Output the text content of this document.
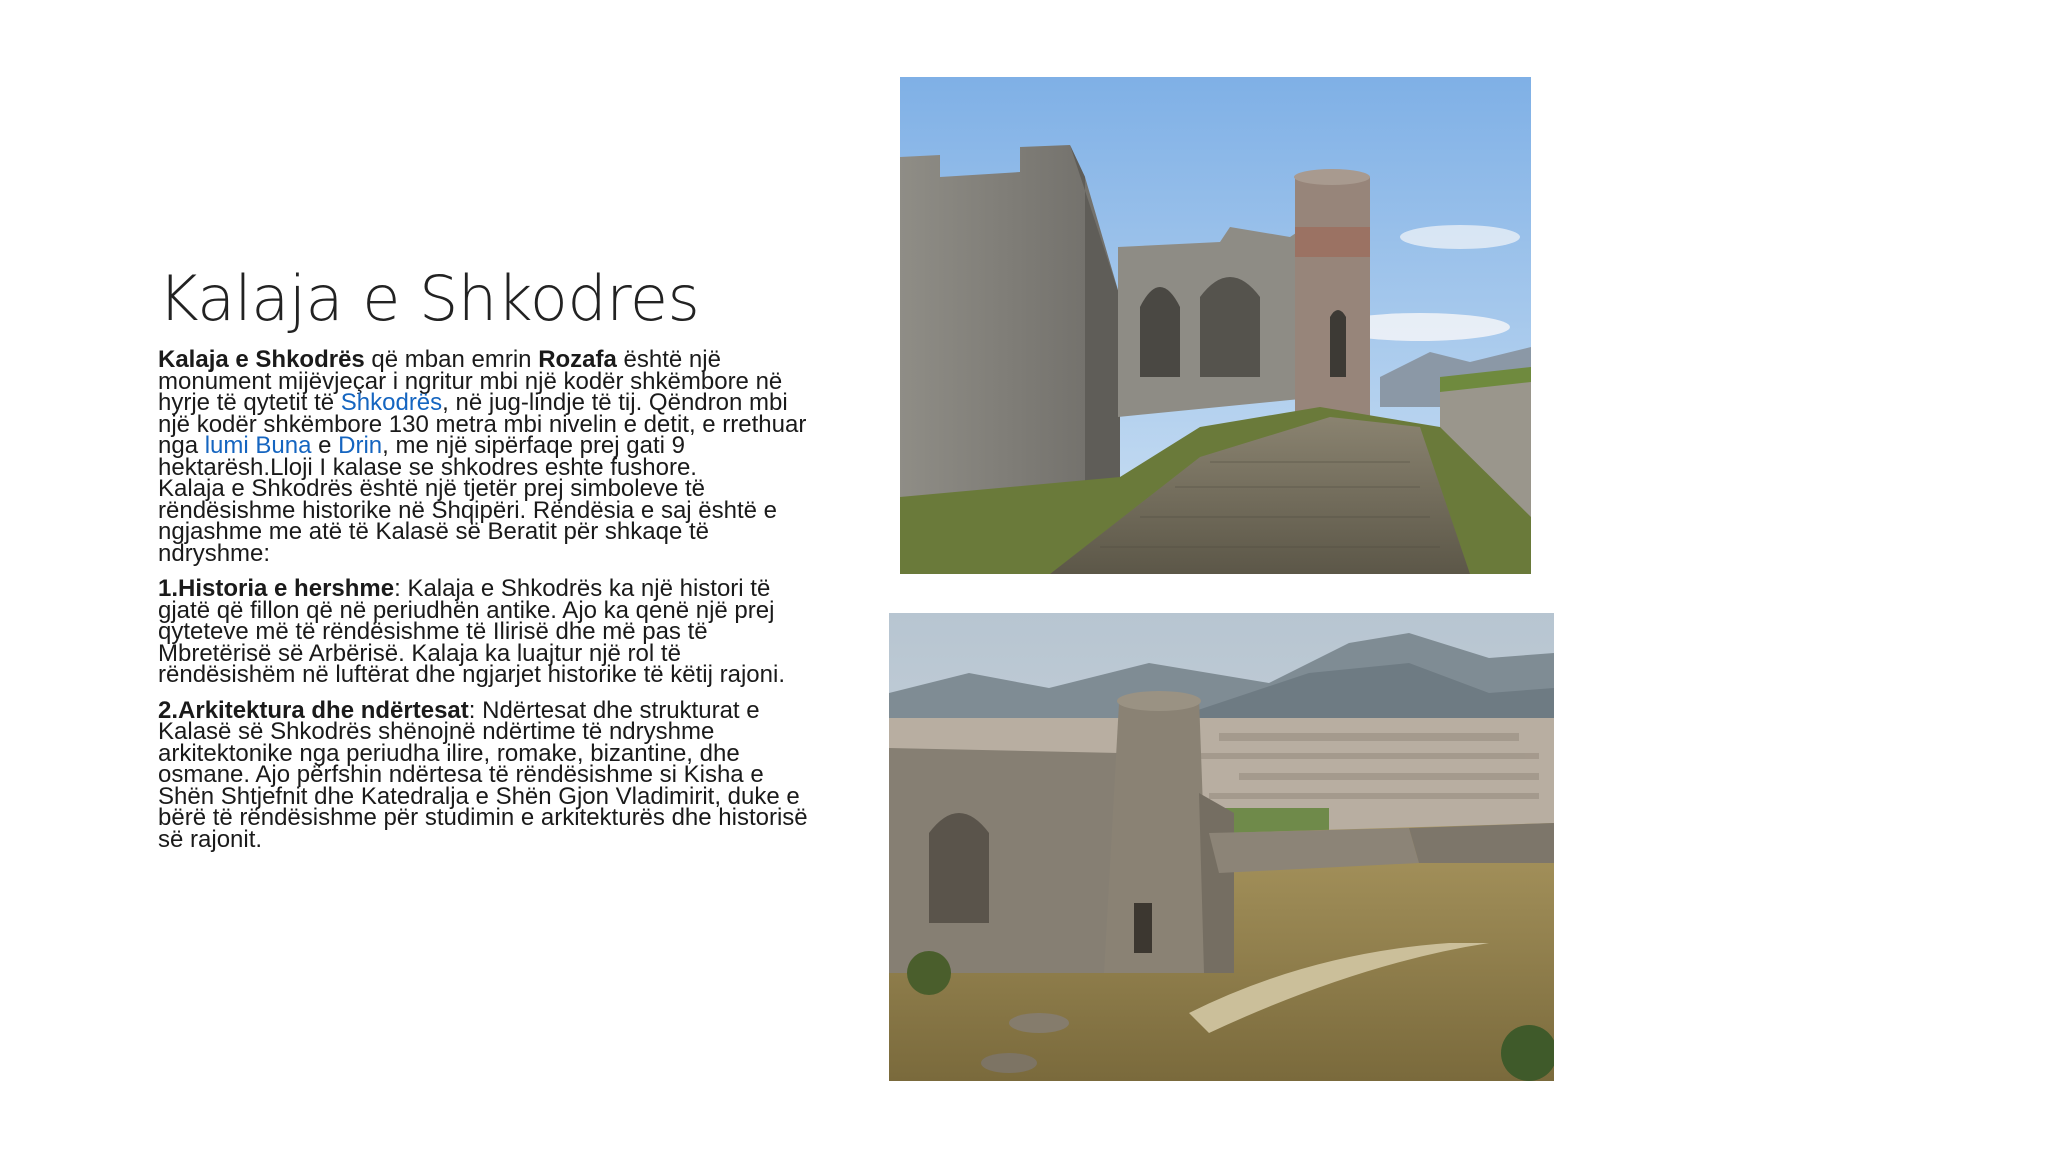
Kalaja e Shkodres

Kalaja e Shkodrës që mban emrin Rozafa është një monument mijëvjeçar i ngritur mbi një kodër shkëmbore në hyrje të qytetit të Shkodrës, në jug-lindje të tij. Qëndron mbi një kodër shkëmbore 130 metra mbi nivelin e detit, e rrethuar nga lumi Buna e Drin, me një sipërfaqe prej gati 9 hektarësh.Lloji I kalase se shkodres eshte fushore.

Kalaja e Shkodrës është një tjetër prej simboleve të rëndësishme historike në Shqipëri. Rëndësia e saj është e ngjashme me atë të Kalasë së Beratit për shkaqe të ndryshme:

1.Historia e hershme: Kalaja e Shkodrës ka një histori të gjatë që fillon që në periudhën antike. Ajo ka qenë një prej qyteteve më të rëndësishme të Ilirisë dhe më pas të Mbretërisë së Arbërisë. Kalaja ka luajtur një rol të rëndësishëm në luftërat dhe ngjarjet historike të këtij rajoni.

2.Arkitektura dhe ndërtesat: Ndërtesat dhe strukturat e Kalasë së Shkodrës shënojnë ndërtime të ndryshme arkitektonike nga periudha ilire, romake, bizantine, dhe osmane. Ajo përfshin ndërtesa të rëndësishme si Kisha e Shën Shtjefnit dhe Katedralja e Shën Gjon Vladimirit, duke e bërë të rëndësishme për studimin e arkitekturës dhe historisë së rajonit.
